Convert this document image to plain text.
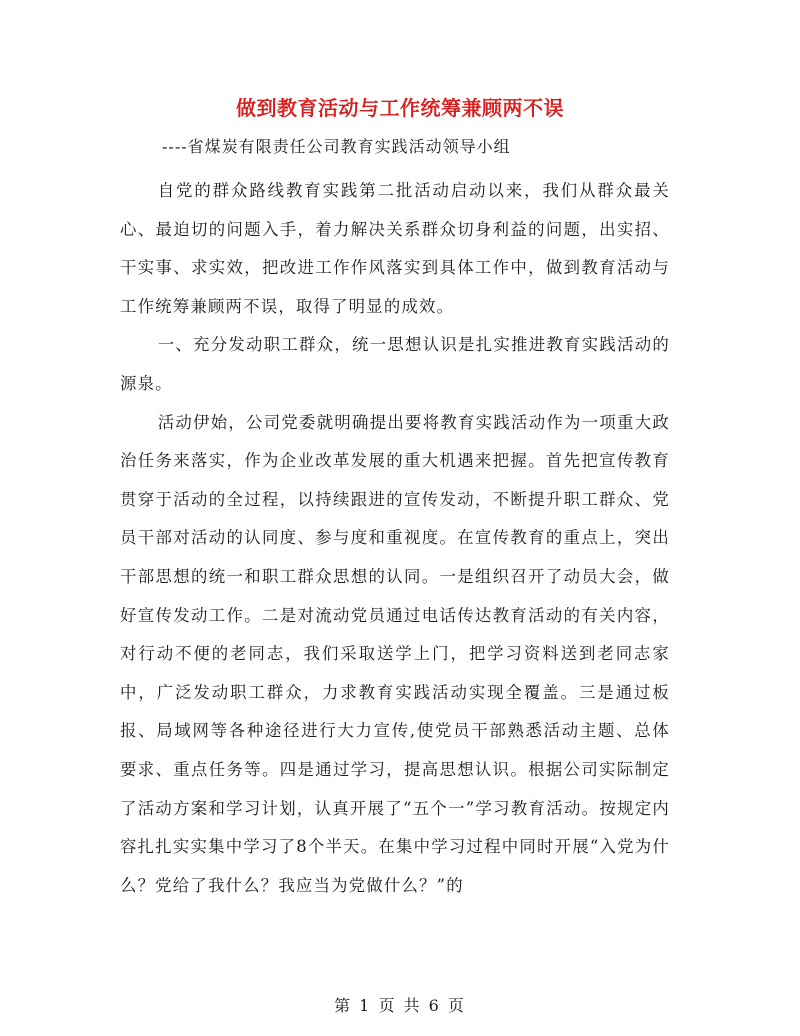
做到教育活动与工作统筹兼顾两不误
----省煤炭有限责任公司教育实践活动领导小组

自党的群众路线教育实践第二批活动启动以来，我们从群众最关心、最迫切的问题入手，着力解决关系群众切身利益的问题，出实招、干实事、求实效，把改进工作作风落实到具体工作中，做到教育活动与工作统筹兼顾两不误，取得了明显的成效。

一、充分发动职工群众，统一思想认识是扎实推进教育实践活动的源泉。

活动伊始，公司党委就明确提出要将教育实践活动作为一项重大政治任务来落实，作为企业改革发展的重大机遇来把握。首先把宣传教育贯穿于活动的全过程，以持续跟进的宣传发动，不断提升职工群众、党员干部对活动的认同度、参与度和重视度。在宣传教育的重点上，突出干部思想的统一和职工群众思想的认同。一是组织召开了动员大会，做好宣传发动工作。二是对流动党员通过电话传达教育活动的有关内容，对行动不便的老同志，我们采取送学上门，把学习资料送到老同志家中，广泛发动职工群众，力求教育实践活动实现全覆盖。三是通过板报、局域网等各种途径进行大力宣传,使党员干部熟悉活动主题、总体要求、重点任务等。四是通过学习，提高思想认识。根据公司实际制定了活动方案和学习计划，认真开展了“五个一”学习教育活动。按规定内容扎扎实实集中学习了8个半天。在集中学习过程中同时开展“入党为什么？党给了我什么？我应当为党做什么？”的

第 1 页 共 6 页
